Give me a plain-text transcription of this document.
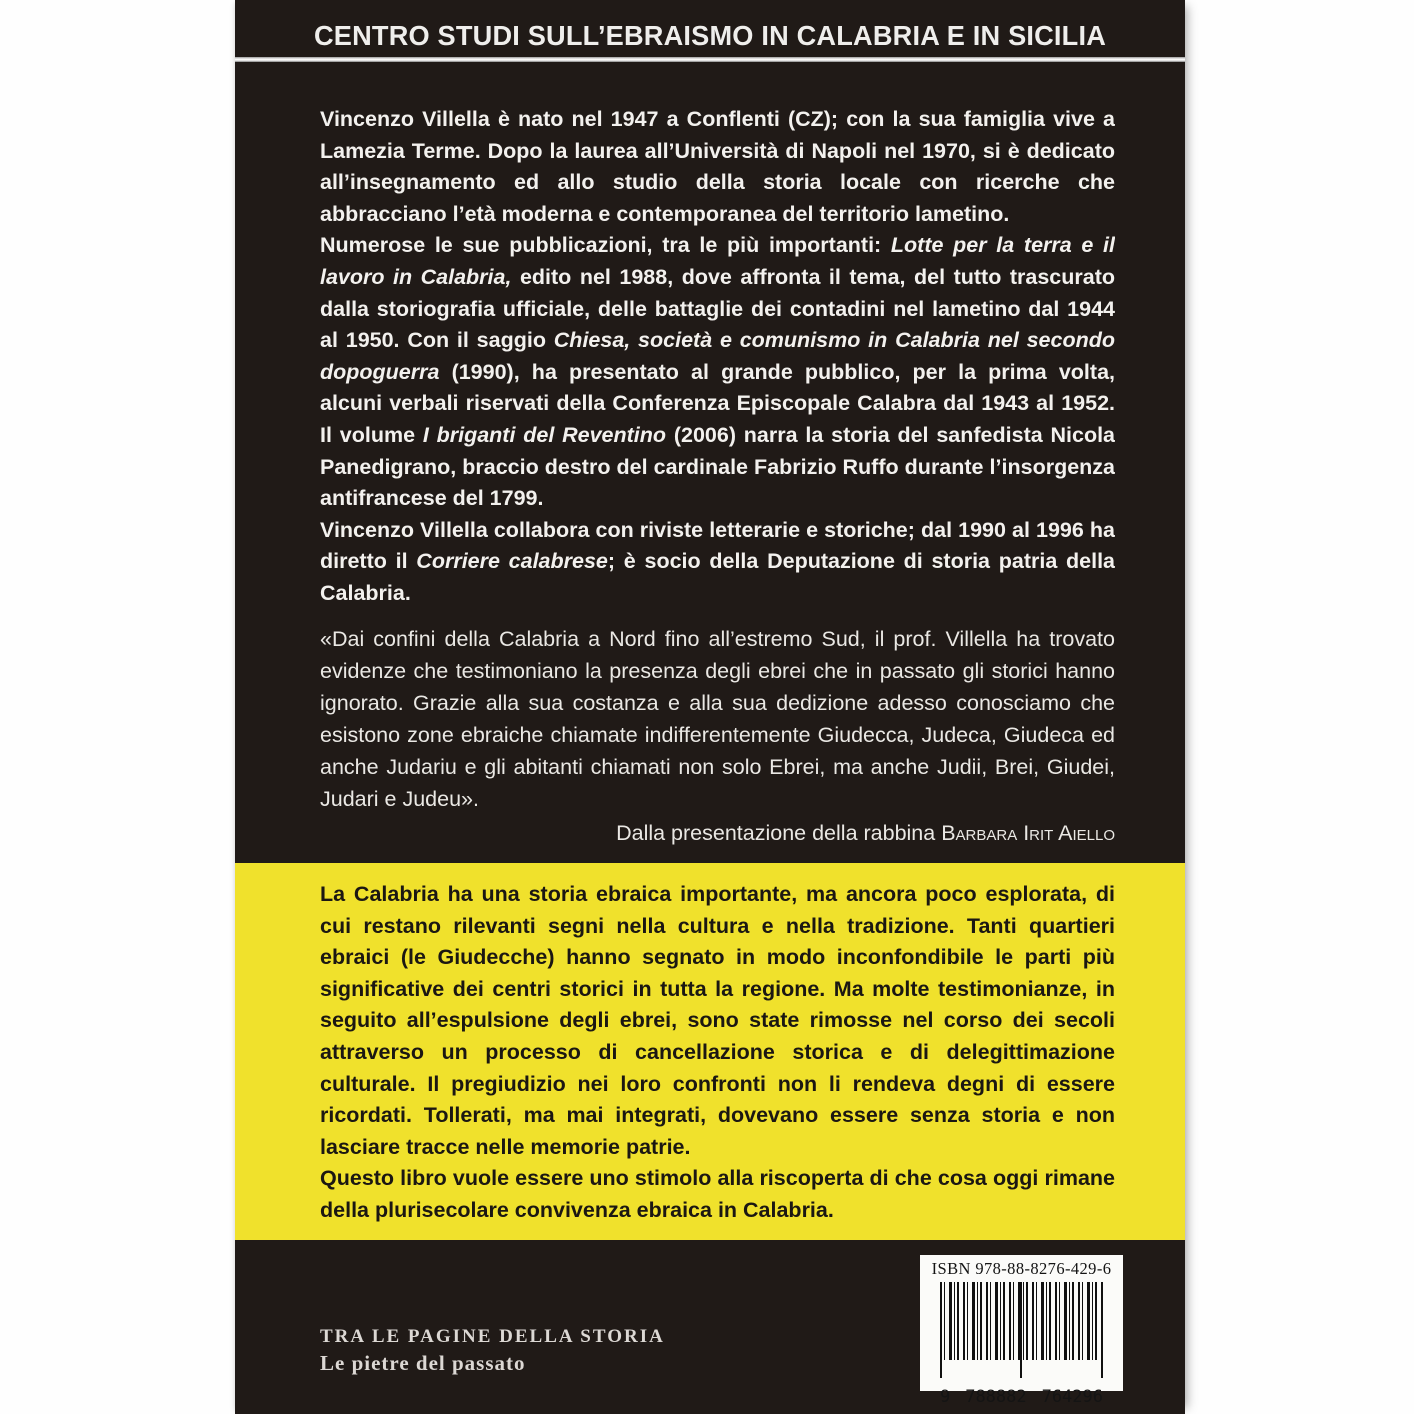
CENTRO STUDI SULL’EBRAISMO IN CALABRIA E IN SICILIA

Vincenzo Villella è nato nel 1947 a Conflenti (CZ); con la sua famiglia vive a Lamezia Terme. Dopo la laurea all’Università di Napoli nel 1970, si è dedicato all’insegnamento ed allo studio della storia locale con ricerche che abbracciano l’età moderna e contemporanea del territorio lametino.

Numerose le sue pubblicazioni, tra le più importanti: Lotte per la terra e il lavoro in Calabria, edito nel 1988, dove affronta il tema, del tutto trascurato dalla storiografia ufficiale, delle battaglie dei contadini nel lametino dal 1944 al 1950. Con il saggio Chiesa, società e comunismo in Calabria nel secondo dopoguerra (1990), ha presentato al grande pubblico, per la prima volta, alcuni verbali riservati della Conferenza Episcopale Calabra dal 1943 al 1952. Il volume I briganti del Reventino (2006) narra la storia del sanfedista Nicola Panedigrano, braccio destro del cardinale Fabrizio Ruffo durante l’insorgenza antifrancese del 1799.

Vincenzo Villella collabora con riviste letterarie e storiche; dal 1990 al 1996 ha diretto il Corriere calabrese; è socio della Deputazione di storia patria della Calabria.

«Dai confini della Calabria a Nord fino all’estremo Sud, il prof. Villella ha trovato evidenze che testimoniano la presenza degli ebrei che in passato gli storici hanno ignorato. Grazie alla sua costanza e alla sua dedizione adesso conosciamo che esistono zone ebraiche chiamate indifferentemente Giudecca, Judeca, Giudeca ed anche Judariu e gli abitanti chiamati non solo Ebrei, ma anche Judii, Brei, Giudei, Judari e Judeu».

Dalla presentazione della rabbina Barbara Irit Aiello

La Calabria ha una storia ebraica importante, ma ancora poco esplorata, di cui restano rilevanti segni nella cultura e nella tradizione. Tanti quartieri ebraici (le Giudecche) hanno segnato in modo inconfondibile le parti più significative dei centri storici in tutta la regione. Ma molte testimonianze, in seguito all’espulsione degli ebrei, sono state rimosse nel corso dei secoli attraverso un processo di cancellazione storica e di delegittimazione culturale. Il pregiudizio nei loro confronti non li rendeva degni di essere ricordati. Tollerati, ma mai integrati, dovevano essere senza storia e non lasciare tracce nelle memorie patrie.

Questo libro vuole essere uno stimolo alla riscoperta di che cosa oggi rimane della plurisecolare convivenza ebraica in Calabria.

TRA LE PAGINE DELLA STORIA
Le pietre del passato
ISBN 978-88-8276-429-6
9 788882 764296
